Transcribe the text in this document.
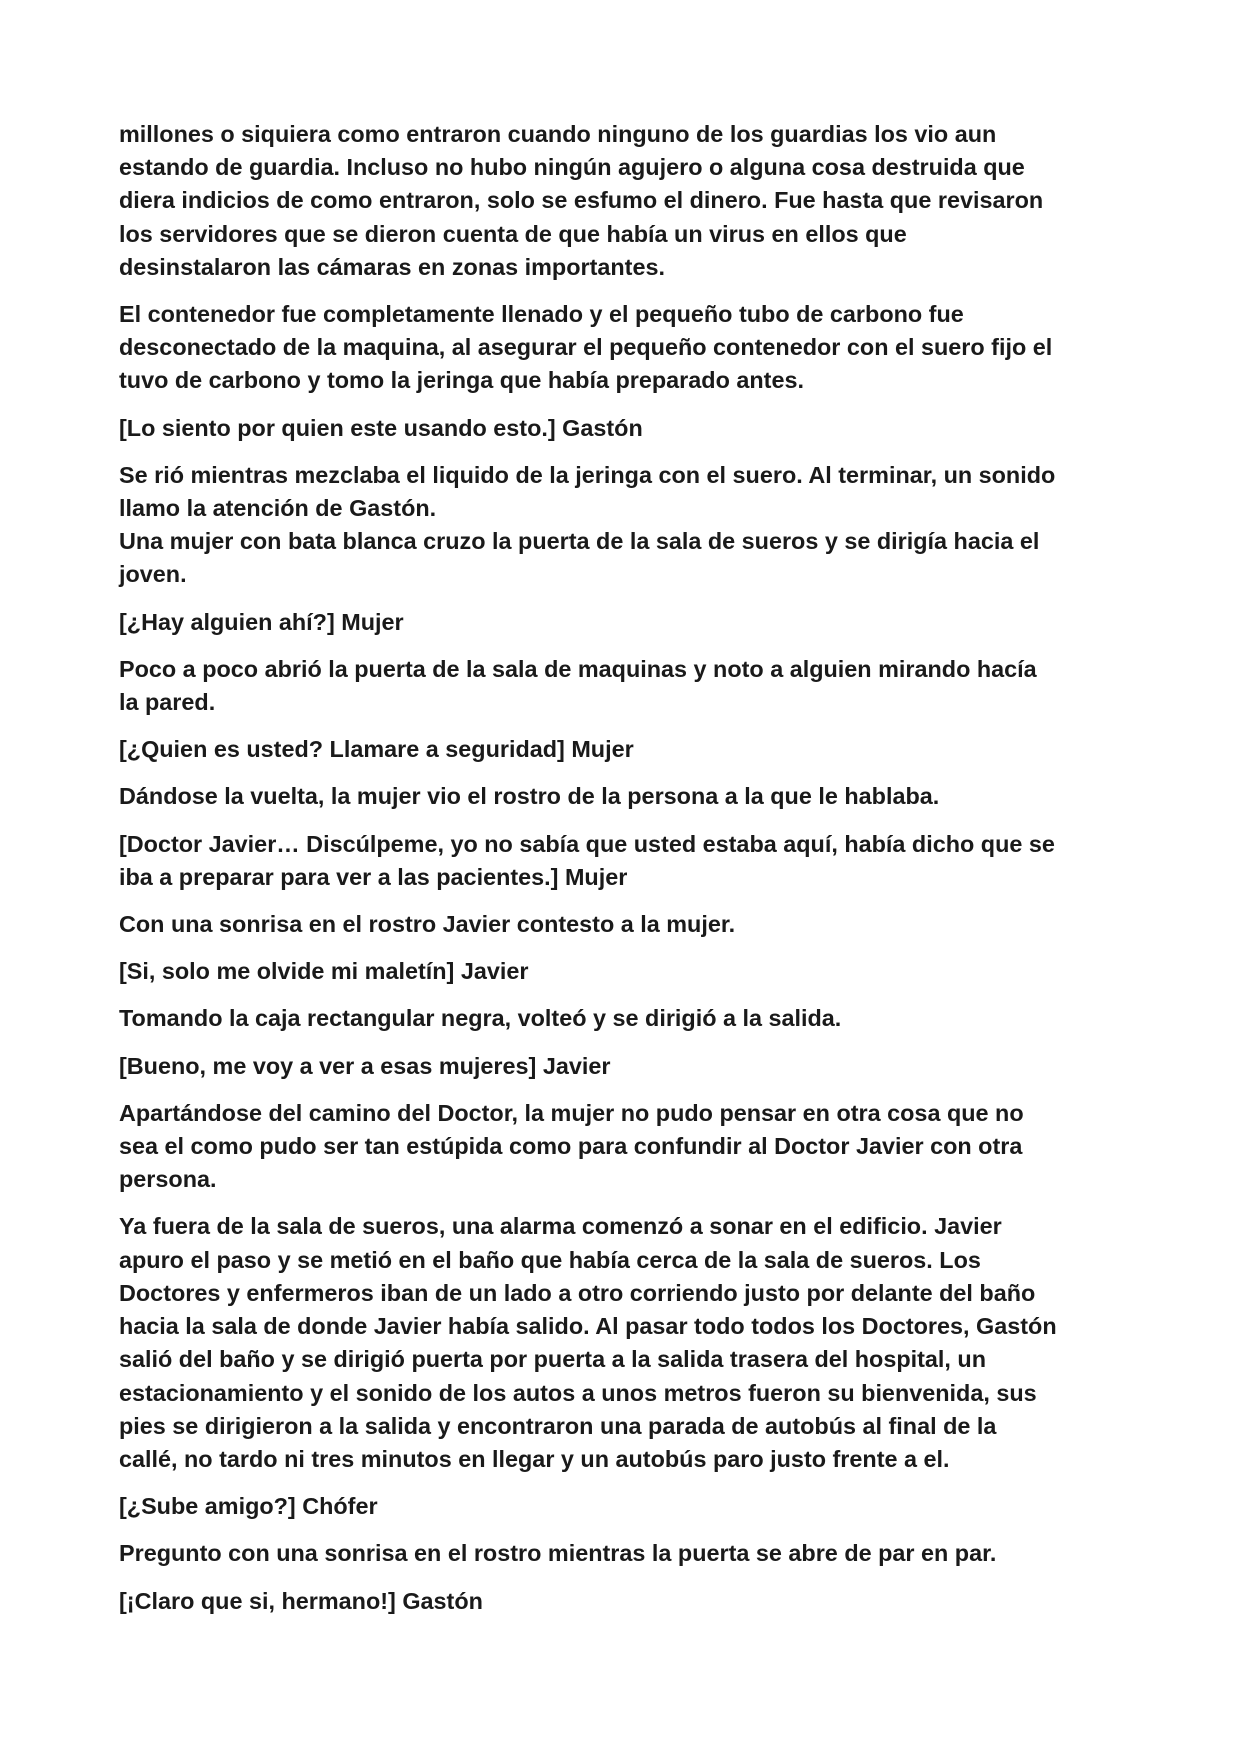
millones o siquiera como entraron cuando ninguno de los guardias los vio aun
estando de guardia. Incluso no hubo ningún agujero o alguna cosa destruida que
diera indicios de como entraron, solo se esfumo el dinero. Fue hasta que revisaron
los servidores que se dieron cuenta de que había un virus en ellos que
desinstalaron las cámaras en zonas importantes.

El contenedor fue completamente llenado y el pequeño tubo de carbono fue
desconectado de la maquina, al asegurar el pequeño contenedor con el suero fijo el
tuvo de carbono y tomo la jeringa que había preparado antes.

[Lo siento por quien este usando esto.] Gastón

Se rió mientras mezclaba el liquido de la jeringa con el suero. Al terminar, un sonido
llamo la atención de Gastón.
Una mujer con bata blanca cruzo la puerta de la sala de sueros y se dirigía hacia el
joven.

[¿Hay alguien ahí?] Mujer

Poco a poco abrió la puerta de la sala de maquinas y noto a alguien mirando hacía
la pared.

[¿Quien es usted? Llamare a seguridad] Mujer

Dándose la vuelta, la mujer vio el rostro de la persona a la que le hablaba.

[Doctor Javier… Discúlpeme, yo no sabía que usted estaba aquí, había dicho que se
iba a preparar para ver a las pacientes.] Mujer

Con una sonrisa en el rostro Javier contesto a la mujer.

[Si, solo me olvide mi maletín] Javier

Tomando la caja rectangular negra, volteó y se dirigió a la salida.

[Bueno, me voy a ver a esas mujeres] Javier

Apartándose del camino del Doctor, la mujer no pudo pensar en otra cosa que no
sea el como pudo ser tan estúpida como para confundir al Doctor Javier con otra
persona.

Ya fuera de la sala de sueros, una alarma comenzó a sonar en el edificio. Javier
apuro el paso y se metió en el baño que había cerca de la sala de sueros. Los
Doctores y enfermeros iban de un lado a otro corriendo justo por delante del baño
hacia la sala de donde Javier había salido. Al pasar todo todos los Doctores, Gastón
salió del baño y se dirigió puerta por puerta a la salida trasera del hospital, un
estacionamiento y el sonido de los autos a unos metros fueron su bienvenida, sus
pies se dirigieron a la salida y encontraron una parada de autobús al final de la
callé, no tardo ni tres minutos en llegar y un autobús paro justo frente a el.

[¿Sube amigo?] Chófer

Pregunto con una sonrisa en el rostro mientras la puerta se abre de par en par.

[¡Claro que si, hermano!] Gastón
